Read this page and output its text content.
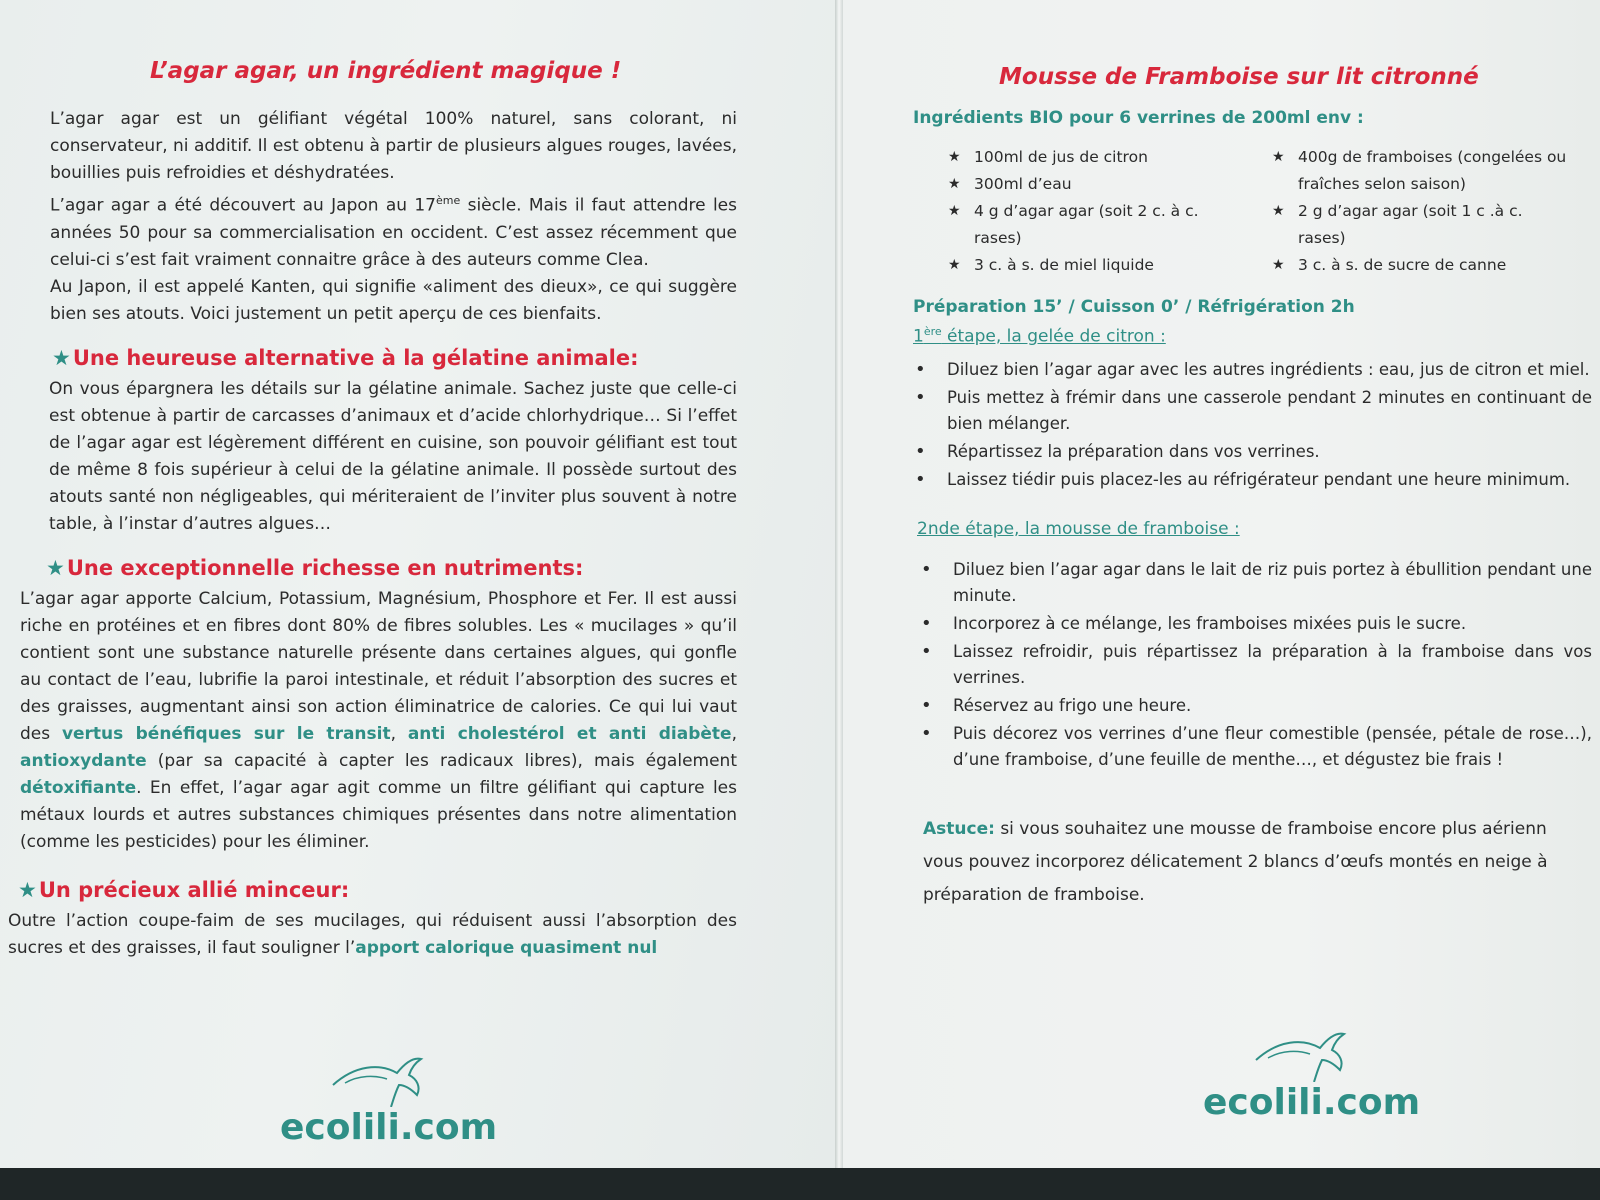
L’agar agar, un ingrédient magique !

L’agar agar est un gélifiant végétal 100% naturel, sans colorant, ni conservateur, ni additif. Il est obtenu à partir de plusieurs algues rouges, lavées, bouillies puis refroidies et déshydratées.

L’agar agar a été découvert au Japon au 17ème siècle. Mais il faut attendre les années 50 pour sa commercialisation en occident. C’est assez récemment que celui-ci s’est fait vraiment connaitre grâce à des auteurs comme Clea.

Au Japon, il est appelé Kanten, qui signifie «aliment des dieux», ce qui suggère bien ses atouts. Voici justement un petit aperçu de ces bienfaits.

★Une heureuse alternative à la gélatine animale:

On vous épargnera les détails sur la gélatine animale. Sachez juste que celle-ci est obtenue à partir de carcasses d’animaux et d’acide chlorhydrique… Si l’effet de l’agar agar est légèrement différent en cuisine, son pouvoir gélifiant est tout de même 8 fois supérieur à celui de la gélatine animale. Il possède surtout des atouts santé non négligeables, qui mériteraient de l’inviter plus souvent à notre table, à l’instar d’autres algues…

★Une exceptionnelle richesse en nutriments:

L’agar agar apporte Calcium, Potassium, Magnésium, Phosphore et Fer. Il est aussi riche en protéines et en fibres dont 80% de fibres solubles. Les « mucilages » qu’il contient sont une substance naturelle présente dans certaines algues, qui gonfle au contact de l’eau, lubrifie la paroi intestinale, et réduit l’absorption des sucres et des graisses, augmentant ainsi son action éliminatrice de calories. Ce qui lui vaut des vertus bénéfiques sur le transit, anti cholestérol et anti diabète, antioxydante (par sa capacité à capter les radicaux libres), mais également détoxifiante. En effet, l’agar agar agit comme un filtre gélifiant qui capture les métaux lourds et autres substances chimiques présentes dans notre alimentation (comme les pesticides) pour les éliminer.

★Un précieux allié minceur:

Outre l’action coupe-faim de ses mucilages, qui réduisent aussi l’absorption des sucres et des graisses, il faut souligner l’apport calorique quasiment nul

ecolili.com
Mousse de Framboise sur lit citronné
Ingrédients BIO pour 6 verrines de 200ml env :
★ 100ml de jus de citron
★ 300ml d’eau
★ 4 g d’agar agar (soit 2 c. à c. rases)
★ 3 c. à s. de miel liquide
★ 400g de framboises (congelées ou fraîches selon saison)
★ 2 g d’agar agar (soit 1 c .à c. rases)
★ 3 c. à s. de sucre de canne
Préparation 15’ / Cuisson 0’ / Réfrigération 2h
1ère étape, la gelée de citron :
• Diluez bien l’agar agar avec les autres ingrédients : eau, jus de citron et miel.
• Puis mettez à frémir dans une casserole pendant 2 minutes en continuant de bien mélanger.
• Répartissez la préparation dans vos verrines.
• Laissez tiédir puis placez-les au réfrigérateur pendant une heure minimum.
2nde étape, la mousse de framboise :
• Diluez bien l’agar agar dans le lait de riz puis portez à ébullition pendant une minute.
• Incorporez à ce mélange, les framboises mixées puis le sucre.
• Laissez refroidir, puis répartissez la préparation à la framboise dans vos verrines.
• Réservez au frigo une heure.
• Puis décorez vos verrines d’une fleur comestible (pensée, pétale de rose…), d’une framboise, d’une feuille de menthe…, et dégustez bie frais !

Astuce: si vous souhaitez une mousse de framboise encore plus aérienn vous pouvez incorporez délicatement 2 blancs d’œufs montés en neige à préparation de framboise.

ecolili.com
